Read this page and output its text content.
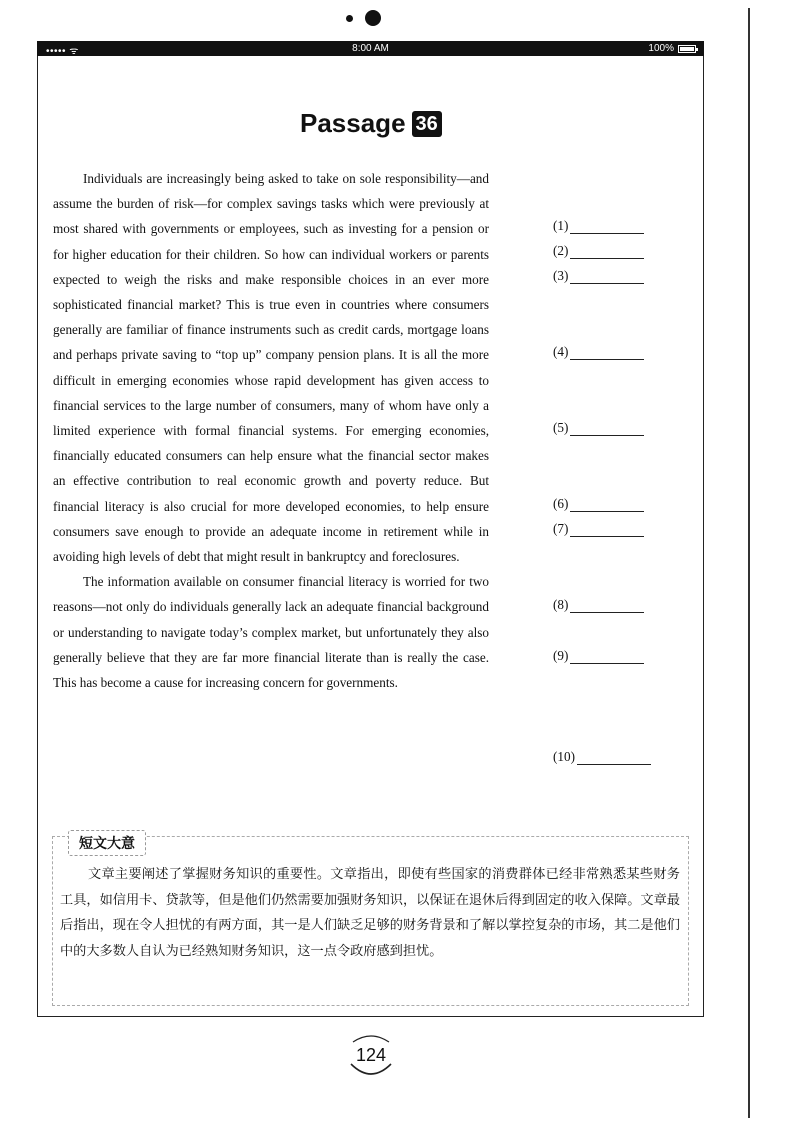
••••• ᯤ	8:00 AM	100%
Passage 36

Individuals are increasingly being asked to take on sole responsibility—and assume the burden of risk—for complex savings tasks which were previously at most shared with governments or employees, such as investing for a pension or for higher education for their children. So how can individual workers or parents expected to weigh the risks and make responsible choices in an ever more sophisticated financial market? This is true even in countries where consumers generally are familiar of finance instruments such as credit cards, mortgage loans and perhaps private saving to “top up” company pension plans. It is all the more difficult in emerging economies whose rapid development has given access to financial services to the large number of consumers, many of whom have only a limited experience with formal financial systems. For emerging economies, financially educated consumers can help ensure what the financial sector makes an effective contribution to real economic growth and poverty reduce. But financial literacy is also crucial for more developed economies, to help ensure consumers save enough to provide an adequate income in retirement while in avoiding high levels of debt that might result in bankruptcy and foreclosures.

The information available on consumer financial literacy is worried for two reasons—not only do individuals generally lack an adequate financial background or understanding to navigate today’s complex market, but unfortunately they also generally believe that they are far more financial literate than is really the case. This has become a cause for increasing concern for governments.

(1)
(2)
(3)
(4)
(5)
(6)
(7)
(8)
(9)
(10)
短文大意

文章主要阐述了掌握财务知识的重要性。文章指出，即使有些国家的消费群体已经非常熟悉某些财务工具，如信用卡、贷款等，但是他们仍然需要加强财务知识，以保证在退休后得到固定的收入保障。文章最后指出，现在令人担忧的有两方面，其一是人们缺乏足够的财务背景和了解以掌控复杂的市场，其二是他们中的大多数人自认为已经熟知财务知识，这一点令政府感到担忧。

124
